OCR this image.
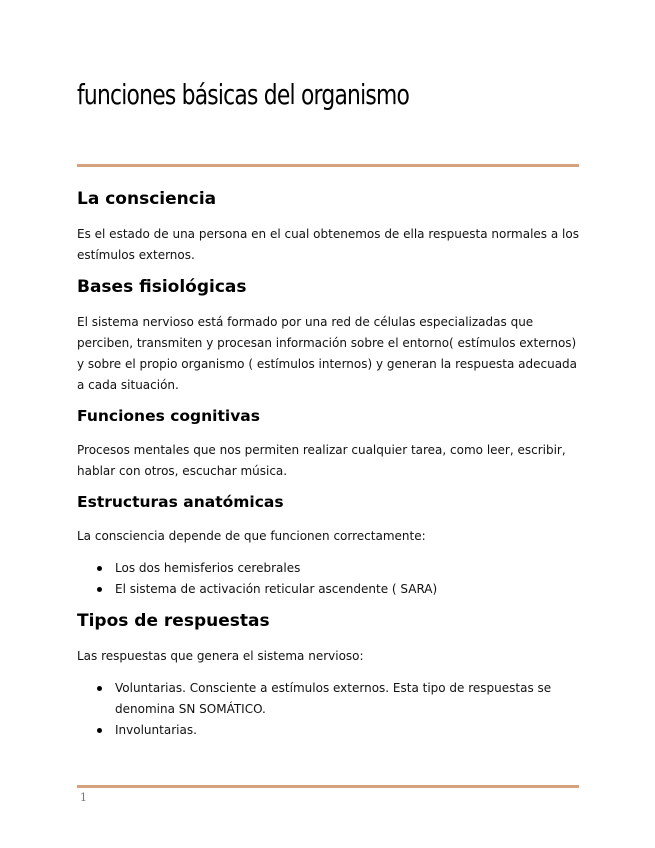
funciones básicas del organismo
La consciencia

Es el estado de una persona en el cual obtenemos de ella respuesta normales a los estímulos externos.

Bases fisiológicas

El sistema nervioso está formado por una red de células especializadas que perciben, transmiten y procesan información sobre el entorno( estímulos externos) y sobre el propio organismo ( estímulos internos) y generan la respuesta adecuada a cada situación.

Funciones cognitivas

Procesos mentales que nos permiten realizar cualquier tarea, como leer, escribir, hablar con otros, escuchar música.

Estructuras anatómicas

La consciencia depende de que funcionen correctamente:

Los dos hemisferios cerebrales
El sistema de activación reticular ascendente ( SARA)
Tipos de respuestas

Las respuestas que genera el sistema nervioso:

Voluntarias. Consciente a estímulos externos. Esta tipo de respuestas se denomina SN SOMÁTICO.
Involuntarias.
1
